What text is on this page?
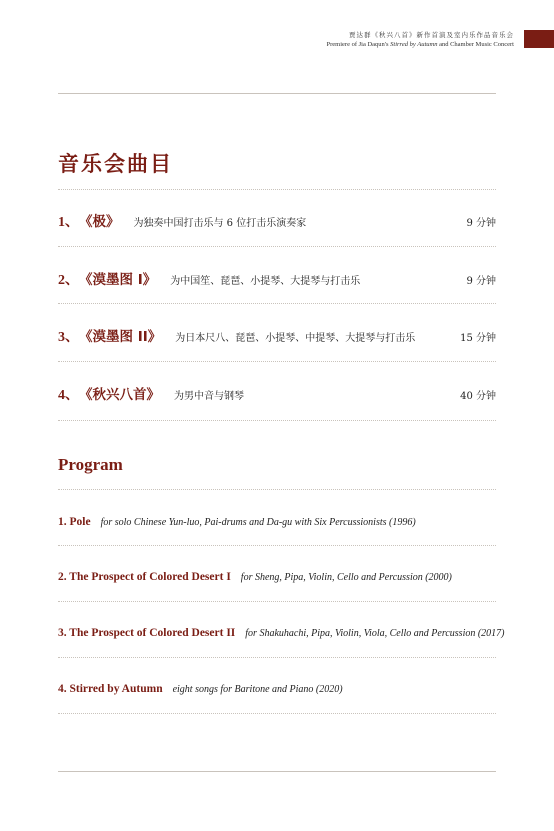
贾达群《秋兴八首》新作首演及室内乐作品音乐会
Premiere of Jia Daqun's Stirred by Autumn and Chamber Music Concert
音乐会曲目
1、 《极》 为独奏中国打击乐与 6 位打击乐演奏家	9 分钟
2、 《漠墨图 I》 为中国笙、琵琶、小提琴、大提琴与打击乐	9 分钟
3、 《漠墨图 II》 为日本尺八、琵琶、小提琴、中提琴、大提琴与打击乐	15 分钟
4、 《秋兴八首》 为男中音与钢琴	40 分钟
Program
1. Pole for solo Chinese Yun-luo, Pai-drums and Da-gu with Six Percussionists (1996)
2. The Prospect of Colored Desert I for Sheng, Pipa, Violin, Cello and Percussion (2000)
3. The Prospect of Colored Desert II for Shakuhachi, Pipa, Violin, Viola, Cello and Percussion (2017)
4. Stirred by Autumn eight songs for Baritone and Piano (2020)
